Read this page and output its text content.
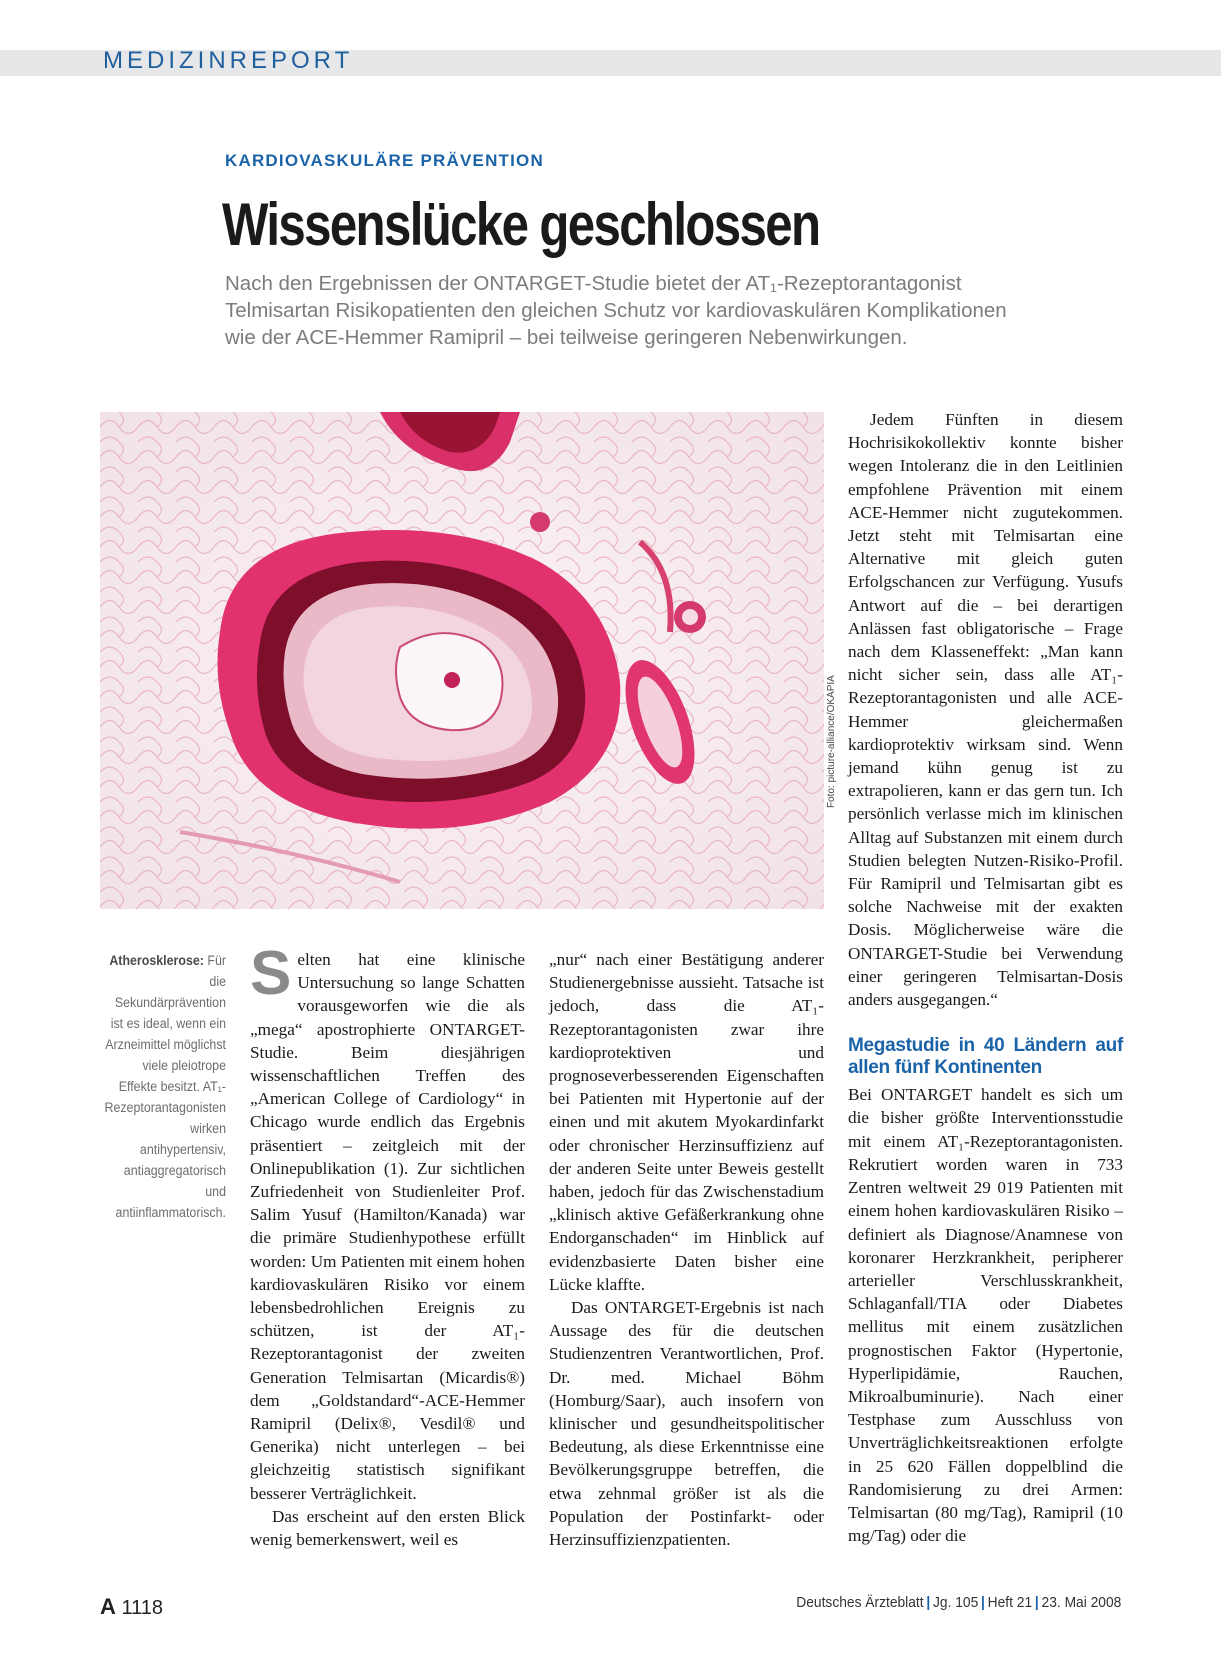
MEDIZINREPORT
KARDIOVASKULÄRE PRÄVENTION
Wissenslücke geschlossen
Nach den Ergebnissen der ONTARGET-Studie bietet der AT₁-Rezeptorantagonist
Telmisartan Risikopatienten den gleichen Schutz vor kardiovaskulären Komplikationen
wie der ACE-Hemmer Ramipril – bei teilweise geringeren Nebenwirkungen.
Foto: picture-alliance/OKAPIA
Atherosklerose: Für die Sekundärprävention ist es ideal, wenn ein Arzneimittel möglichst viele pleiotrope Effekte besitzt. AT₁-Rezeptorantagonisten wirken antihypertensiv, antiaggregatorisch und antiinflammatorisch.

Selten hat eine klinische Untersuchung so lange Schatten vorausgeworfen wie die als „mega“ apostrophierte ONTARGET-Studie. Beim diesjährigen wissenschaftlichen Treffen des „American College of Cardiology“ in Chicago wurde endlich das Ergebnis präsentiert – zeitgleich mit der Onlinepublikation (1). Zur sichtlichen Zufriedenheit von Studienleiter Prof. Salim Yusuf (Hamilton/Kanada) war die primäre Studienhypothese erfüllt worden: Um Patienten mit einem hohen kardiovaskulären Risiko vor einem lebensbedrohlichen Ereignis zu schützen, ist der AT₁-Rezeptorantagonist der zweiten Generation Telmisartan (Micardis®) dem „Goldstandard“-ACE-Hemmer Ramipril (Delix®, Vesdil® und Generika) nicht unterlegen – bei gleichzeitig statistisch signifikant besserer Verträglichkeit.

Das erscheint auf den ersten Blick wenig bemerkenswert, weil es

„nur“ nach einer Bestätigung anderer Studienergebnisse aussieht. Tatsache ist jedoch, dass die AT₁-Rezeptorantagonisten zwar ihre kardioprotektiven und prognoseverbesserenden Eigenschaften bei Patienten mit Hypertonie auf der einen und mit akutem Myokardinfarkt oder chronischer Herzinsuffizienz auf der anderen Seite unter Beweis gestellt haben, jedoch für das Zwischenstadium „klinisch aktive Gefäßerkrankung ohne Endorganschaden“ im Hinblick auf evidenzbasierte Daten bisher eine Lücke klaffte.

Das ONTARGET-Ergebnis ist nach Aussage des für die deutschen Studienzentren Verantwortlichen, Prof. Dr. med. Michael Böhm (Homburg/Saar), auch insofern von klinischer und gesundheitspolitischer Bedeutung, als diese Erkenntnisse eine Bevölkerungsgruppe betreffen, die etwa zehnmal größer ist als die Population der Postinfarkt- oder Herzinsuffizienzpatienten.

Jedem Fünften in diesem Hochrisikokollektiv konnte bisher wegen Intoleranz die in den Leitlinien empfohlene Prävention mit einem ACE-Hemmer nicht zugutekommen. Jetzt steht mit Telmisartan eine Alternative mit gleich guten Erfolgschancen zur Verfügung. Yusufs Antwort auf die – bei derartigen Anlässen fast obligatorische – Frage nach dem Klasseneffekt: „Man kann nicht sicher sein, dass alle AT₁-Rezeptorantagonisten und alle ACE-Hemmer gleichermaßen kardioprotektiv wirksam sind. Wenn jemand kühn genug ist zu extrapolieren, kann er das gern tun. Ich persönlich verlasse mich im klinischen Alltag auf Substanzen mit einem durch Studien belegten Nutzen-Risiko-Profil. Für Ramipril und Telmisartan gibt es solche Nachweise mit der exakten Dosis. Möglicherweise wäre die ONTARGET-Studie bei Verwendung einer geringeren Telmisartan-Dosis anders ausgegangen.“

Megastudie in 40 Ländern auf allen fünf Kontinenten

Bei ONTARGET handelt es sich um die bisher größte Interventionsstudie mit einem AT₁-Rezeptorantagonisten. Rekrutiert worden waren in 733 Zentren weltweit 29 019 Patienten mit einem hohen kardiovaskulären Risiko – definiert als Diagnose/Anamnese von koronarer Herzkrankheit, peripherer arterieller Verschlusskrankheit, Schlaganfall/TIA oder Diabetes mellitus mit einem zusätzlichen prognostischen Faktor (Hypertonie, Hyperlipidämie, Rauchen, Mikroalbuminurie). Nach einer Testphase zum Ausschluss von Unverträglichkeitsreaktionen erfolgte in 25 620 Fällen doppelblind die Randomisierung zu drei Armen: Telmisartan (80 mg/Tag), Ramipril (10 mg/Tag) oder die

A 1118	Deutsches Ärzteblatt | Jg. 105 | Heft 21 | 23. Mai 2008
